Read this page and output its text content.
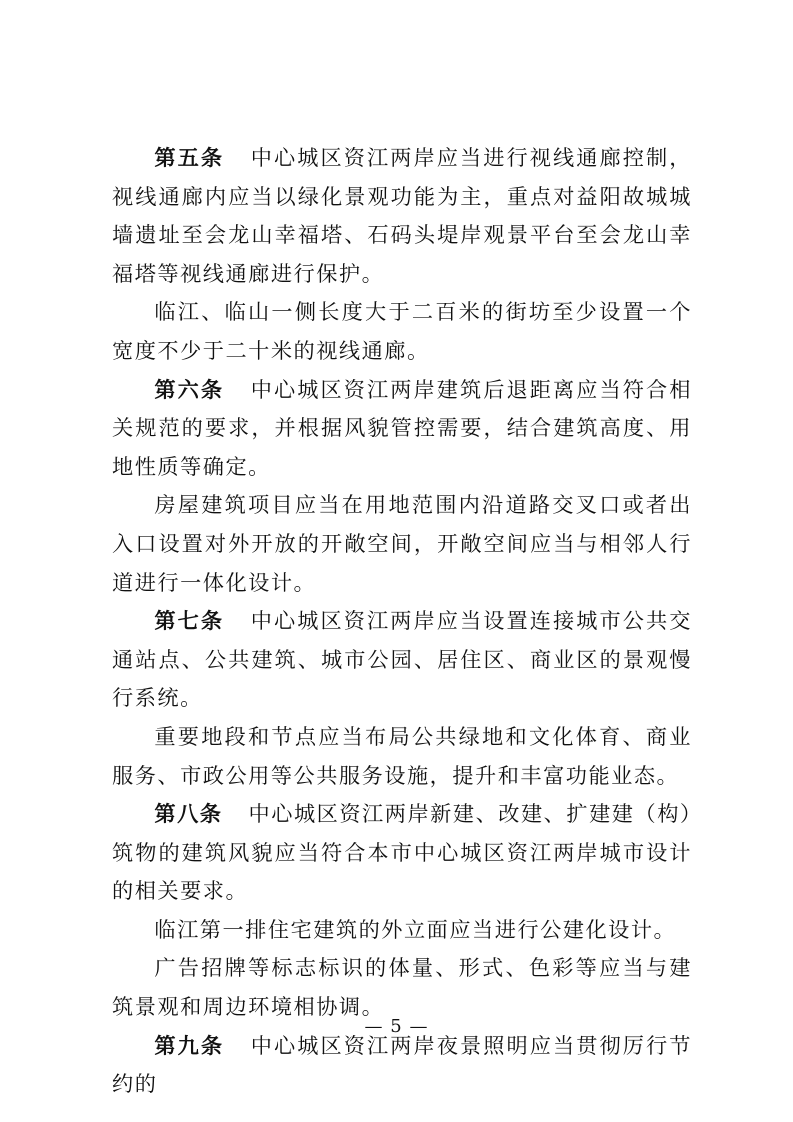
第五条 中心城区资江两岸应当进行视线通廊控制，视线通廊内应当以绿化景观功能为主，重点对益阳故城城墙遗址至会龙山幸福塔、石码头堤岸观景平台至会龙山幸福塔等视线通廊进行保护。

临江、临山一侧长度大于二百米的街坊至少设置一个宽度不少于二十米的视线通廊。

第六条 中心城区资江两岸建筑后退距离应当符合相关规范的要求，并根据风貌管控需要，结合建筑高度、用地性质等确定。

房屋建筑项目应当在用地范围内沿道路交叉口或者出入口设置对外开放的开敞空间，开敞空间应当与相邻人行道进行一体化设计。

第七条 中心城区资江两岸应当设置连接城市公共交通站点、公共建筑、城市公园、居住区、商业区的景观慢行系统。

重要地段和节点应当布局公共绿地和文化体育、商业服务、市政公用等公共服务设施，提升和丰富功能业态。

第八条 中心城区资江两岸新建、改建、扩建建（构）筑物的建筑风貌应当符合本市中心城区资江两岸城市设计的相关要求。

临江第一排住宅建筑的外立面应当进行公建化设计。

广告招牌等标志标识的体量、形式、色彩等应当与建筑景观和周边环境相协调。

第九条 中心城区资江两岸夜景照明应当贯彻厉行节约的

— 5 —
